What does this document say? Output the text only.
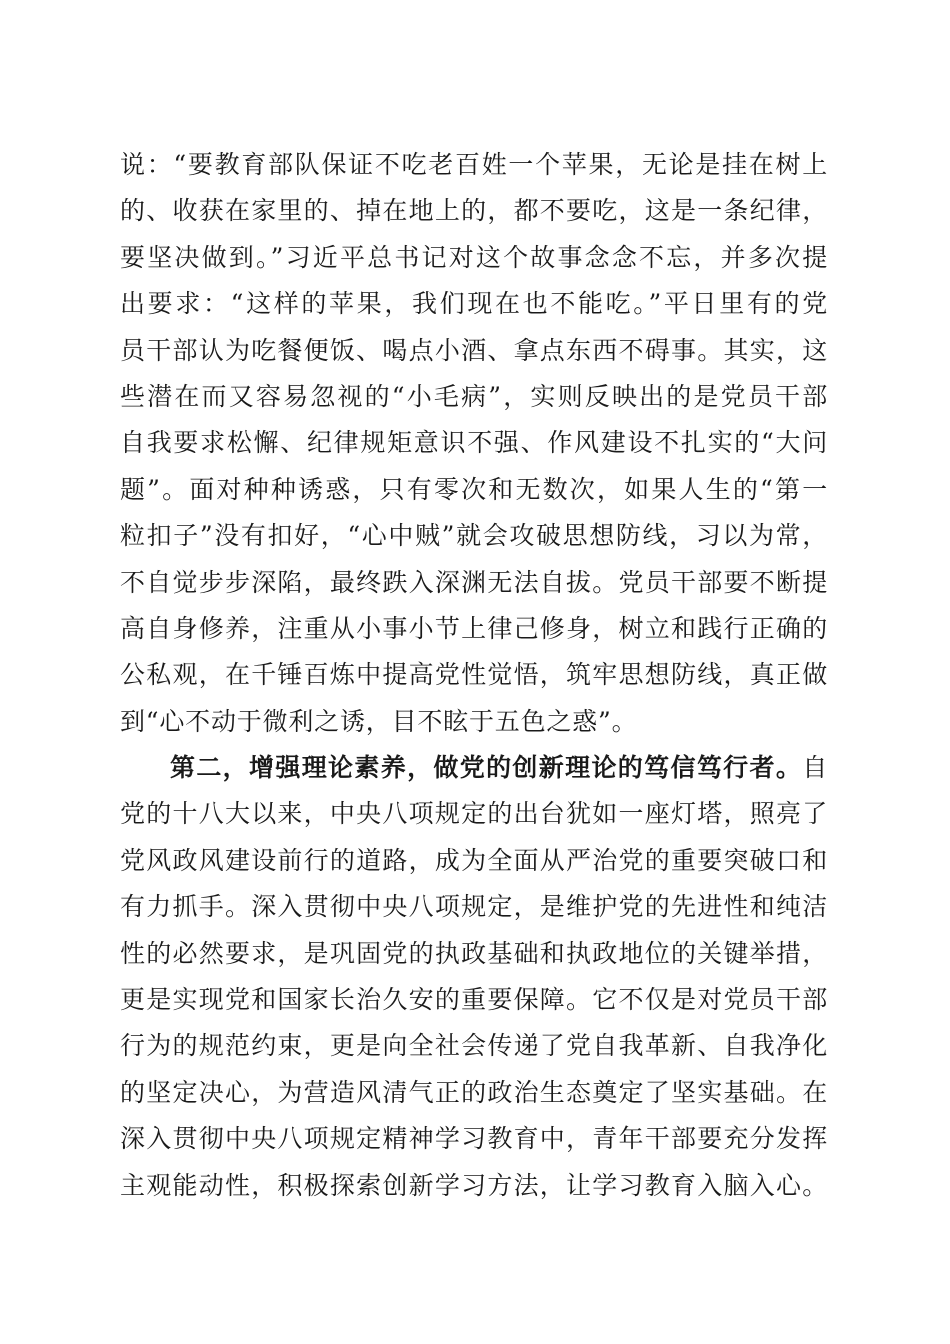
说：“要教育部队保证不吃老百姓一个苹果，无论是挂在树上
的、收获在家里的、掉在地上的，都不要吃，这是一条纪律，
要坚决做到。”习近平总书记对这个故事念念不忘，并多次提
出要求：“这样的苹果，我们现在也不能吃。”平日里有的党
员干部认为吃餐便饭、喝点小酒、拿点东西不碍事。其实，这
些潜在而又容易忽视的“小毛病”，实则反映出的是党员干部
自我要求松懈、纪律规矩意识不强、作风建设不扎实的“大问
题”。面对种种诱惑，只有零次和无数次，如果人生的“第一
粒扣子”没有扣好，“心中贼”就会攻破思想防线，习以为常，
不自觉步步深陷，最终跌入深渊无法自拔。党员干部要不断提
高自身修养，注重从小事小节上律己修身，树立和践行正确的
公私观，在千锤百炼中提高党性觉悟，筑牢思想防线，真正做
到“心不动于微利之诱，目不眩于五色之惑”。
第二，增强理论素养，做党的创新理论的笃信笃行者。自
党的十八大以来，中央八项规定的出台犹如一座灯塔，照亮了
党风政风建设前行的道路，成为全面从严治党的重要突破口和
有力抓手。深入贯彻中央八项规定，是维护党的先进性和纯洁
性的必然要求，是巩固党的执政基础和执政地位的关键举措，
更是实现党和国家长治久安的重要保障。它不仅是对党员干部
行为的规范约束，更是向全社会传递了党自我革新、自我净化
的坚定决心，为营造风清气正的政治生态奠定了坚实基础。在
深入贯彻中央八项规定精神学习教育中，青年干部要充分发挥
主观能动性，积极探索创新学习方法，让学习教育入脑入心。
